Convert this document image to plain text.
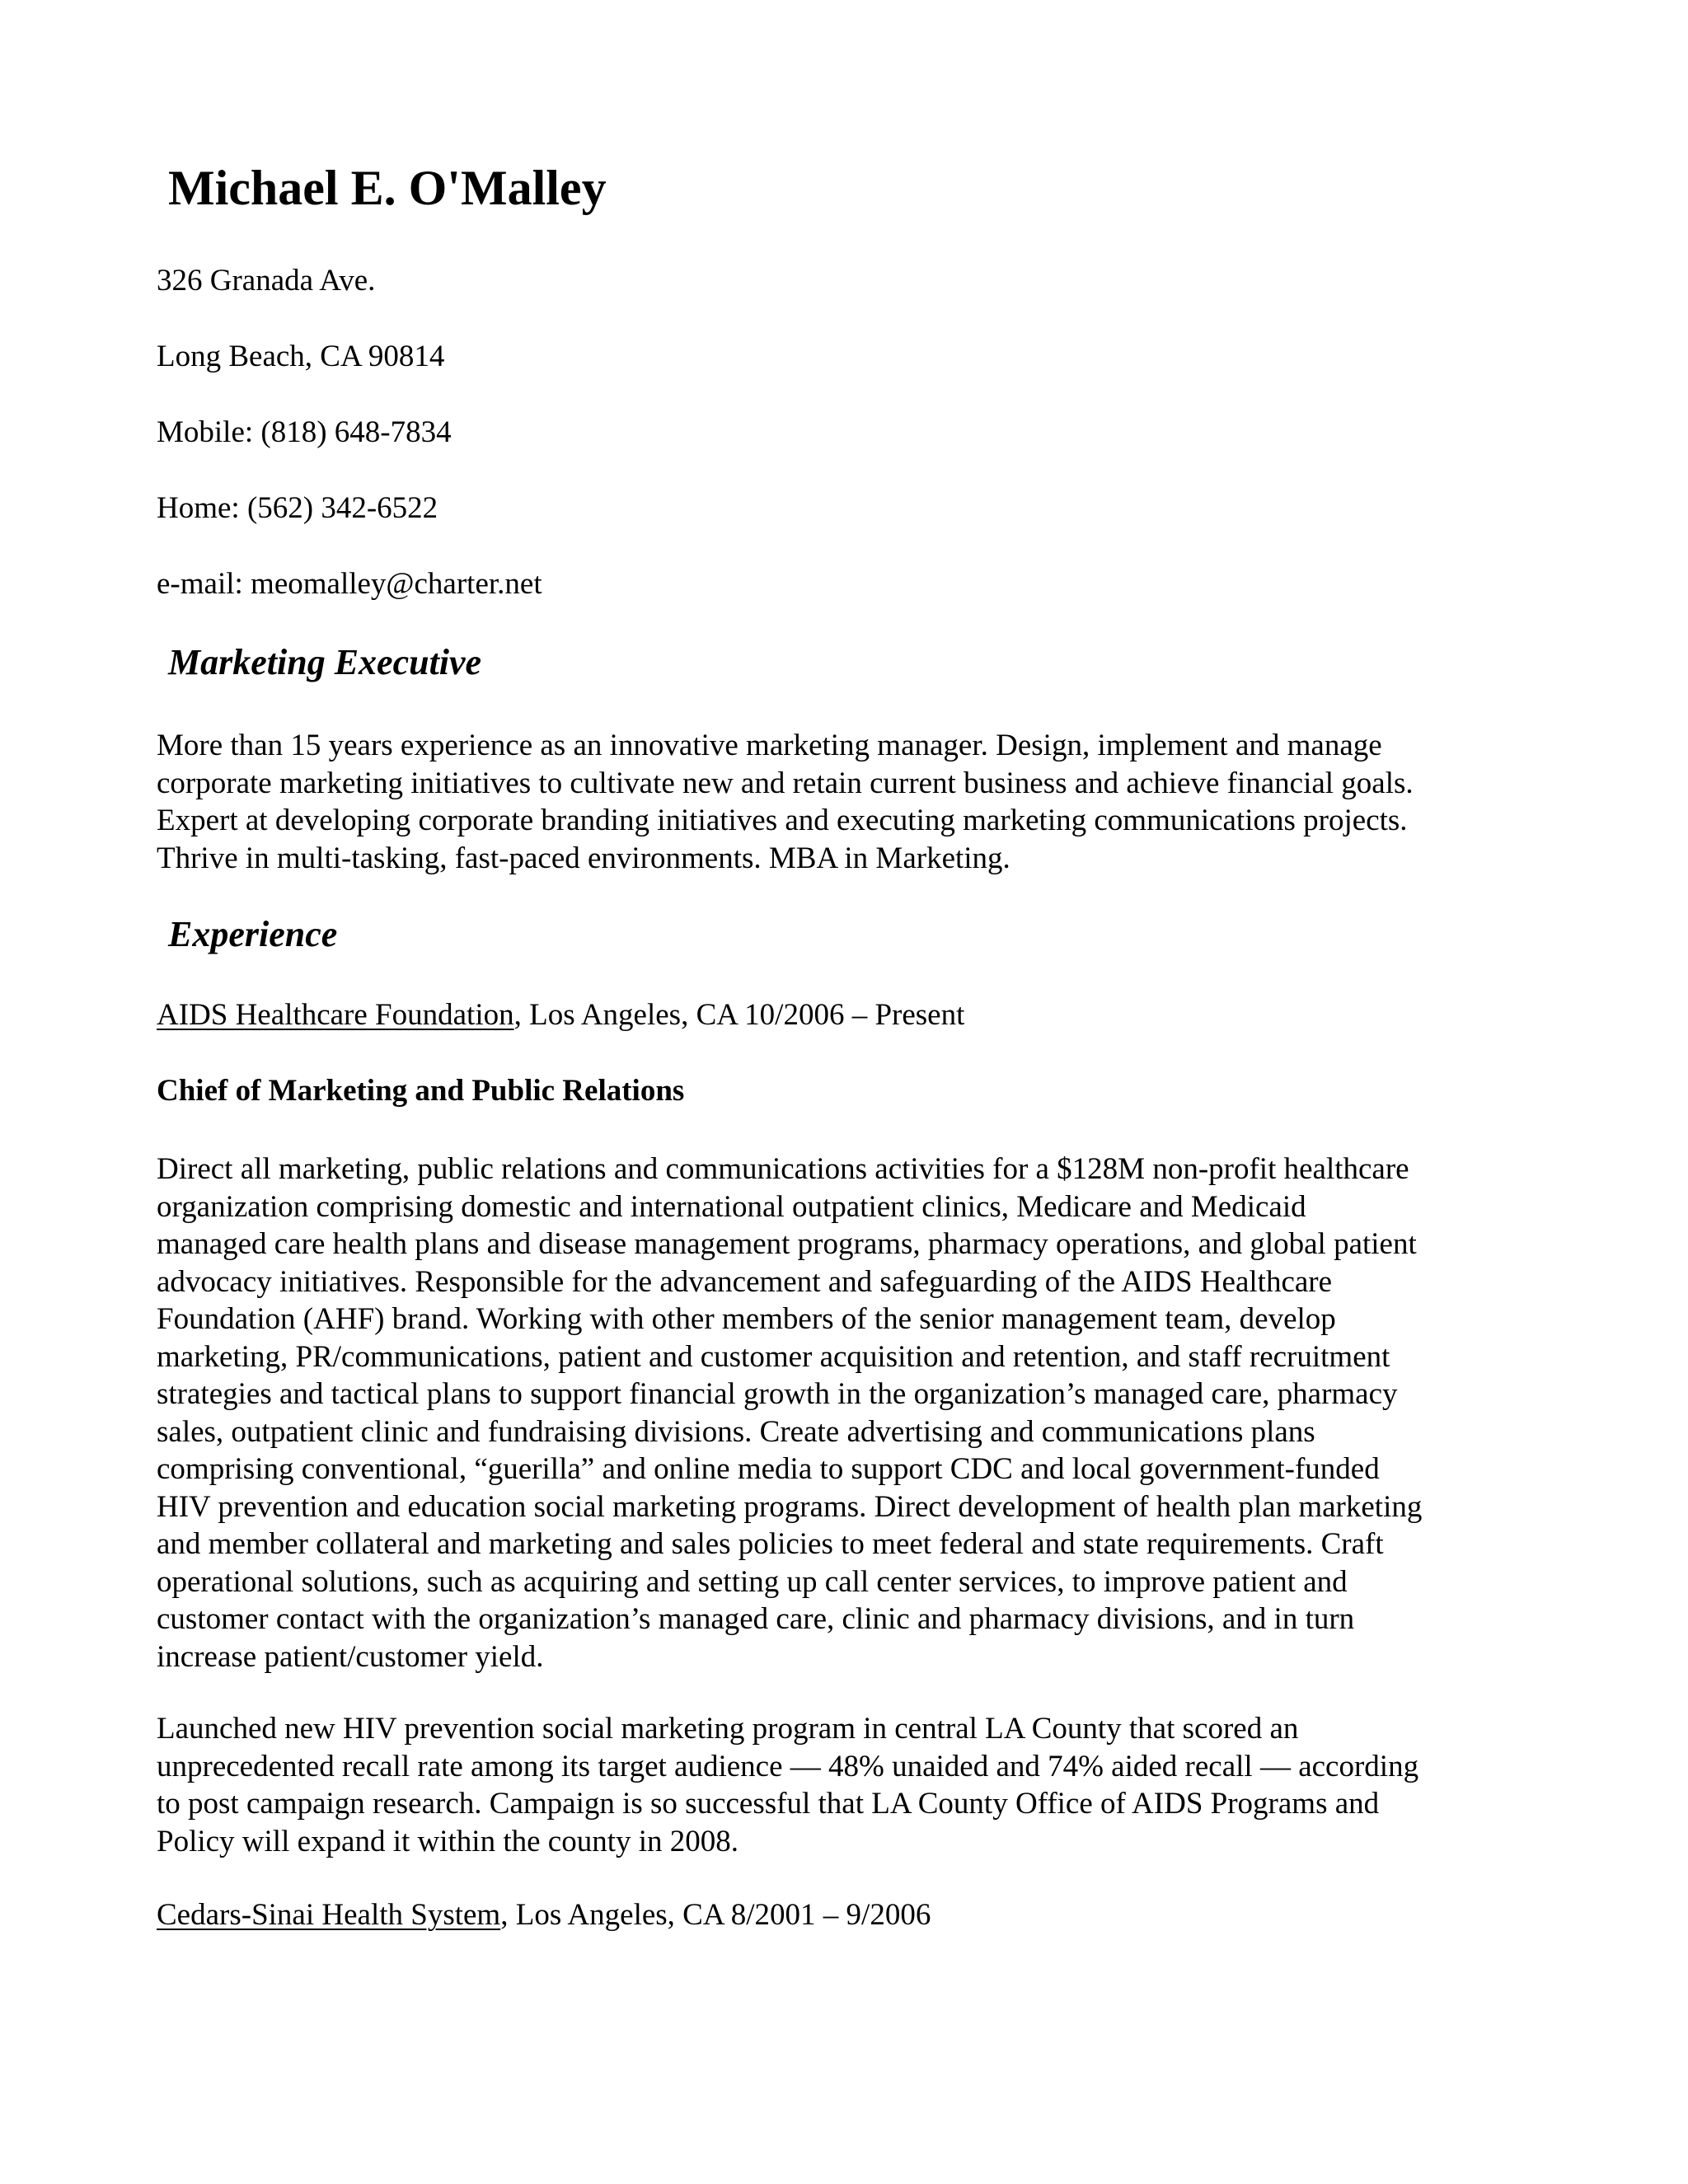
Michael E. O'Malley

326 Granada Ave.

Long Beach, CA 90814

Mobile: (818) 648-7834

Home: (562) 342-6522

e-mail: meomalley@charter.net

Marketing Executive

More than 15 years experience as an innovative marketing manager. Design, implement and manage
corporate marketing initiatives to cultivate new and retain current business and achieve financial goals.
Expert at developing corporate branding initiatives and executing marketing communications projects.
Thrive in multi-tasking, fast-paced environments. MBA in Marketing.

Experience

AIDS Healthcare Foundation, Los Angeles, CA 10/2006 – Present

Chief of Marketing and Public Relations

Direct all marketing, public relations and communications activities for a $128M non-profit healthcare
organization comprising domestic and international outpatient clinics, Medicare and Medicaid
managed care health plans and disease management programs, pharmacy operations, and global patient
advocacy initiatives. Responsible for the advancement and safeguarding of the AIDS Healthcare
Foundation (AHF) brand. Working with other members of the senior management team, develop
marketing, PR/communications, patient and customer acquisition and retention, and staff recruitment
strategies and tactical plans to support financial growth in the organization’s managed care, pharmacy
sales, outpatient clinic and fundraising divisions. Create advertising and communications plans
comprising conventional, “guerilla” and online media to support CDC and local government-funded
HIV prevention and education social marketing programs. Direct development of health plan marketing
and member collateral and marketing and sales policies to meet federal and state requirements. Craft
operational solutions, such as acquiring and setting up call center services, to improve patient and
customer contact with the organization’s managed care, clinic and pharmacy divisions, and in turn
increase patient/customer yield.

Launched new HIV prevention social marketing program in central LA County that scored an
unprecedented recall rate among its target audience — 48% unaided and 74% aided recall — according
to post campaign research. Campaign is so successful that LA County Office of AIDS Programs and
Policy will expand it within the county in 2008.

Cedars-Sinai Health System, Los Angeles, CA 8/2001 – 9/2006
